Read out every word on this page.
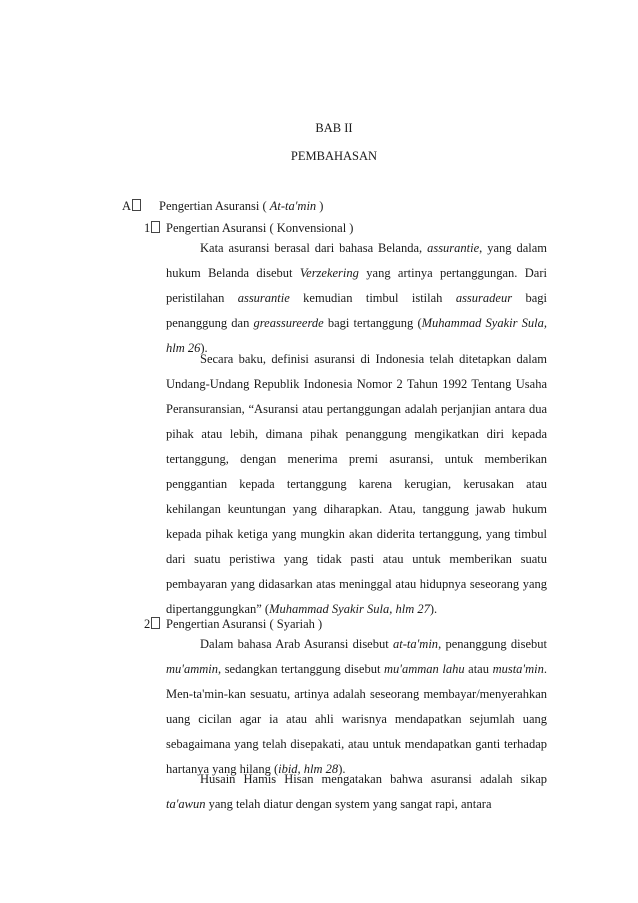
BAB II
PEMBAHASAN
A	Pengertian Asuransi ( At-ta'min )
1	Pengertian Asuransi ( Konvensional )

Kata asuransi berasal dari bahasa Belanda, assurantie, yang dalam hukum Belanda disebut Verzekering yang artinya pertanggungan. Dari peristilahan assurantie kemudian timbul istilah assuradeur bagi penanggung dan greassureerde bagi tertanggung (Muhammad Syakir Sula, hlm 26).

Secara baku, definisi asuransi di Indonesia telah ditetapkan dalam Undang-Undang Republik Indonesia Nomor 2 Tahun 1992 Tentang Usaha Peransuransian, “Asuransi atau pertanggungan adalah perjanjian antara dua pihak atau lebih, dimana pihak penanggung mengikatkan diri kepada tertanggung, dengan menerima premi asuransi, untuk memberikan penggantian kepada tertanggung karena kerugian, kerusakan atau kehilangan keuntungan yang diharapkan. Atau, tanggung jawab hukum kepada pihak ketiga yang mungkin akan diderita tertanggung, yang timbul dari suatu peristiwa yang tidak pasti atau untuk memberikan suatu pembayaran yang didasarkan atas meninggal atau hidupnya seseorang yang dipertanggungkan” (Muhammad Syakir Sula, hlm 27).

2	Pengertian Asuransi ( Syariah )

Dalam bahasa Arab Asuransi disebut at-ta'min, penanggung disebut mu'ammin, sedangkan tertanggung disebut mu'amman lahu atau musta'min. Men-ta'min-kan sesuatu, artinya adalah seseorang membayar/menyerahkan uang cicilan agar ia atau ahli warisnya mendapatkan sejumlah uang sebagaimana yang telah disepakati, atau untuk mendapatkan ganti terhadap hartanya yang hilang (ibid, hlm 28).

Husain Hamis Hisan mengatakan bahwa asuransi adalah sikap ta'awun yang telah diatur dengan system yang sangat rapi, antara
